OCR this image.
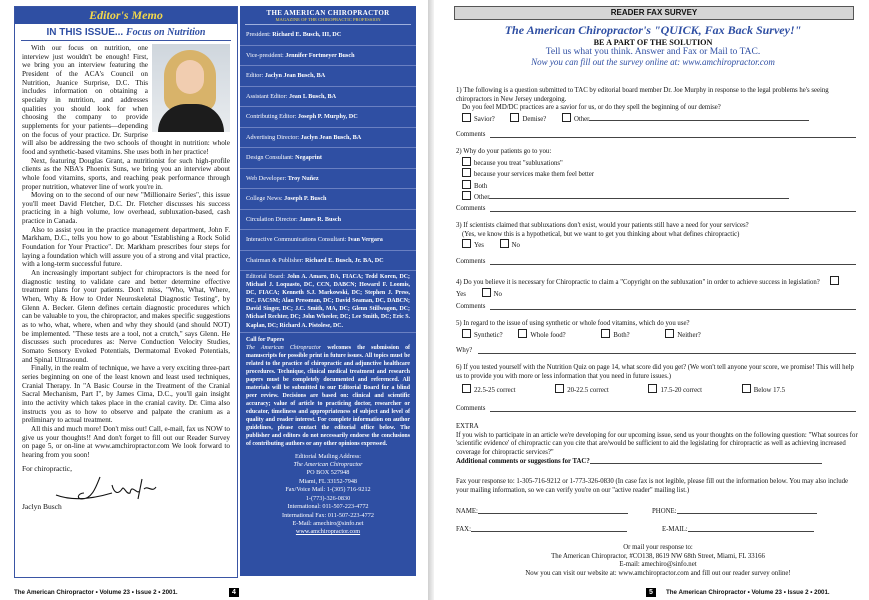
Editor's Memo
IN THIS ISSUE... Focus on Nutrition

With our focus on nutrition, one interview just wouldn't be enough! First, we bring you an interview featuring the President of the ACA's Council on Nutrition, Juanice Surprise, D.C. This includes information on obtaining a specialty in nutrition, and addresses qualities you should look for when choosing the company to provide supplements for your patients—depending on the focus of your practice. Dr. Surprise will also be addressing the two schools of thought in nutrition: whole food and synthetic-based vitamins. She uses both in her practice!

Next, featuring Douglas Grant, a nutritionist for such high-profile clients as the NBA's Phoenix Suns, we bring you an interview about whole food vitamins, sports, and reaching peak performance through proper nutrition, whatever line of work you're in.

Moving on to the second of our new "Millionaire Series", this issue you'll meet David Fletcher, D.C. Dr. Fletcher discusses his success practicing in a high volume, low overhead, subluxation-based, cash practice in Canada.

Also to assist you in the practice management department, John F. Markham, D.C., tells you how to go about "Establishing a Rock Solid Foundation for Your Practice". Dr. Markham prescribes four steps for laying a foundation which will assure you of a strong and vital practice, with a long-term successful future.

An increasingly important subject for chiropractors is the need for diagnostic testing to validate care and better determine effective treatment plans for your patients. Don't miss, "Who, What, Where, When, Why & How to Order Neuroskeletal Diagnostic Testing", by Glenn A. Becker. Glenn defines certain diagnostic procedures which can be valuable to you, the chiropractor, and makes specific suggestions as to who, what, where, when and why they should (and should NOT) be implemented. "These tests are a tool, not a crutch," says Glenn. He discusses such procedures as: Nerve Conduction Velocity Studies, Somato Sensory Evoked Potentials, Dermatomal Evoked Potentials, and Spinal Ultrasound.

Finally, in the realm of technique, we have a very exciting three-part series beginning on one of the least known and least used techniques, Cranial Therapy. In "A Basic Course in the Treatment of the Cranial Sacral Mechanism, Part I", by James Cima, D.C., you'll gain insight into the activity which takes place in the cranial cavity. Dr. Cima also instructs you as to how to observe and palpate the cranium as a preliminary to actual treatment.

All this and much more! Don't miss out! Call, e-mail, fax us NOW to give us your thoughts!! And don't forget to fill out our Reader Survey on page 5, or on-line at www.amchiropractor.com We look forward to hearing from you soon!

For chiropractic,
Jaclyn Busch
THE AMERICAN CHIROPRACTOR
MAGAZINE OF THE CHIROPRACTIC PROFESSION
President: Richard E. Busch, III, DC
Vice-president: Jennifer Fortmeyer Busch
Editor: Jaclyn Jean Busch, BA
Assistant Editor: Jean L Busch, BA
Contributing Editor: Joseph P. Murphy, DC
Advertising Director: Jaclyn Jean Busch, BA
Design Consultant: Negaprint
Web Developer: Troy Nuñez
College News: Joseph P. Busch
Circulation Director: James R. Busch
Interactive Communications Consultant: Ivan Vergara
Chairman & Publisher: Richard E. Busch, Jr. BA, DC
Editorial Board: John A. Amaro, DA, FIACA; Tedd Koren, DC; Michael J. Loquasto, DC, CCN, DABCN; Howard F. Loomis, DC, FIACA; Kenneth S.J. Markowski, DC; Stephen J. Press, DC, FACSM; Alan Pressman, DC; David Seaman, DC, DABCN; David Singer, DC; J.C. Smith, MA, DC; Glenn Stillwagon, DC; Michael Rechter, DC; John Wheeler, DC; Lee Smith, DC; Eric S. Kaplan, DC; Richard A. Pistolese, DC.
Call for Papers
The American Chiropractor welcomes the submission of manuscripts for possible print in future issues. All topics must be related to the practice of chiropractic and adjunctive healthcare procedures. Technique, clinical medical treatment and research papers must be completely documented and referenced. All materials will be submitted to our Editorial Board for a blind peer review. Decisions are based on: clinical and scientific accuracy; value of article to practicing doctor, researcher or educator, timeliness and appropriateness of subject and level of quality and reader interest. For complete information on author guidelines, please contact the editorial office below. The publisher and editors do not necessarily endorse the conclusions of contributing authors or any other opinions expressed.
Editorial Mailing Address:
The American Chiropractor
PO BOX 527948
Miami, FL 33152-7948
Fax/Voice Mail: 1-(305) 716-9212
1-(773)-326-0830
International: 011-507-223-4772
International Fax: 011-507-223-4772
E-Mail: amechiro@sinfo.net
www.amchiropractor.com
The American Chiropractor • Volume 23 • Issue 2 • 2001.	4
READER FAX SURVEY
The American Chiropractor's "QUICK, Fax Back Survey!"
BE A PART OF THE SOLUTION
Tell us what you think. Answer and Fax or Mail to TAC.
Now you can fill out the survey online at: www.amchiropractor.com
1) The following is a question submitted to TAC by editorial board member Dr. Joe Murphy in response to the legal problems he's seeing chiropractors in New Jersey undergoing.
Do you feel MD/DC practices are a savior for us, or do they spell the beginning of our demise?
Savior?	Demise?	Other
Comments
2) Why do your patients go to you:
because you treat "subluxations"
because your services make them feel better
Both
Other
Comments
3) If scientists claimed that subluxations don't exist, would your patients still have a need for your services?
(Yes, we know this is a hypothetical, but we want to get you thinking about what defines chiropractic)
Yes	No
Comments
4) Do you believe it is necessary for Chiropractic to claim a "Copyright on the subluxation" in order to achieve success in legislation? Yes	No
Comments
5) In regard to the issue of using synthetic or whole food vitamins, which do you use?
Synthetic?	Whole food?	Both?	Neither?
Why?
6) If you tested yourself with the Nutrition Quiz on page 14, what score did you get? (We won't tell anyone your score, we promise! This will help us to provide you with more or less information that you need in future issues.)
22.5-25 correct	20-22.5 correct	17.5-20 correct	Below 17.5
Comments
EXTRA
If you wish to participate in an article we're developing for our upcoming issue, send us your thoughts on the following question: "What sources for 'scientific evidence' of chiropractic can you cite that are/would be sufficient to aid the legislating for chiropractic as well as achieving increased coverage for chiropractic services?"
Additional comments or suggestions for TAC?
Fax your response to: 1-305-716-9212 or 1-773-326-0830 (In case fax is not legible, please fill out the information below. You may also include your mailing information, so we can verify you're on our "active reader" mailing list.)
NAME:	PHONE:
FAX:	E-MAIL:
Or mail your response to:
The American Chiropractor, #CO138, 8619 NW 68th Street, Miami, FL 33166
E-mail: amechiro@sinfo.net
Now you can visit our website at: www.amchiropractor.com and fill out our reader survey online!
5	The American Chiropractor • Volume 23 • Issue 2 • 2001.
